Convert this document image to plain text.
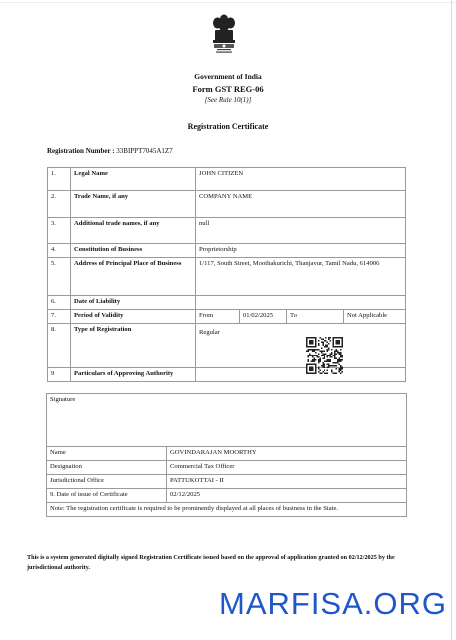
Government of India
Form GST REG-06
[See Rule 10(1)]
Registration Certificate
Registration Number : 33BIPPT7045A1Z7
1.	Legal Name	JOHN CITIZEN			
2.	Trade Name, if any	COMPANY NAME			
3.	Additional trade names, if any	null			
4.	Constitution of Business	Proprietorship			
5.	Address of Principal Place of Business	1/117, South Street, Moothakurichi, Thanjavur, Tamil Nadu, 614906			
6.	Date of Liability				
7.	Period of Validity	From	01/02/2025	To	Not Applicable
8.	Type of Registration	Regular			

9	Particulars of Approving Authority				
Signature	
Name	GOVINDARAJAN MOORTHY
Designation	Commercial Tax Officer
Jurisdictional Office	PATTUKOTTAI - II
9. Date of issue of Certificate	02/12/2025
Note: The registration certificate is required to be prominently displayed at all places of business in the State.	
This is a system generated digitally signed Registration Certificate issued based on the approval of application granted on 02/12/2025 by the jurisdictional authority.
MARFISA.ORG
